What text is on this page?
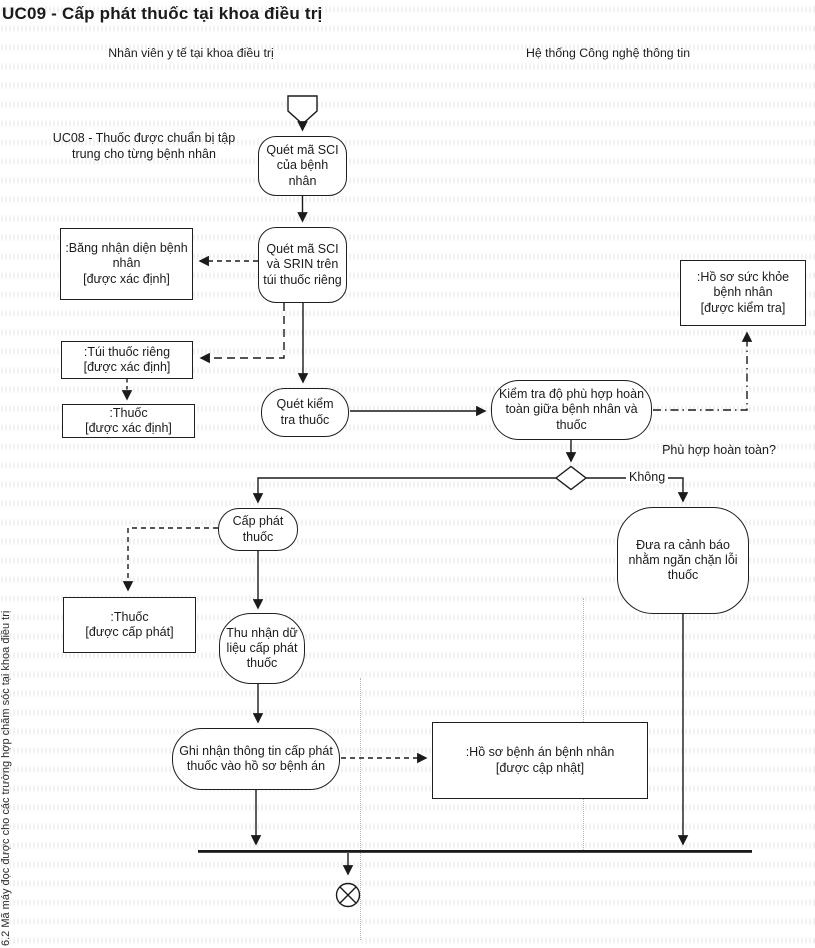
UC09 - Cấp phát thuốc tại khoa điều trị
Nhân viên y tế tại khoa điều trị	Hệ thống Công nghệ thông tin
UC08 - Thuốc được chuẩn bị tập trung cho từng bệnh nhân
Phù hợp hoàn toàn?
Không
6.2 Mã máy đọc được cho các trường hợp chăm sóc tại khoa điều trị
Quét mã SCI của bệnh nhân
Quét mã SCI và SRIN trên túi thuốc riêng
Quét kiểm tra thuốc
Kiểm tra độ phù hợp hoàn toàn giữa bệnh nhân và thuốc
Đưa ra cảnh báo nhằm ngăn chặn lỗi thuốc
Cấp phát thuốc
Thu nhận dữ liệu cấp phát thuốc
Ghi nhận thông tin cấp phát thuốc vào hồ sơ bệnh án
:Băng nhận diện bệnh nhân
[được xác định]
:Túi thuốc riêng
[được xác định]
:Thuốc
[được xác định]
:Hồ sơ sức khỏe bệnh nhân
[được kiểm tra]
:Thuốc
[được cấp phát]
:Hồ sơ bệnh án bệnh nhân
[được cập nhật]
